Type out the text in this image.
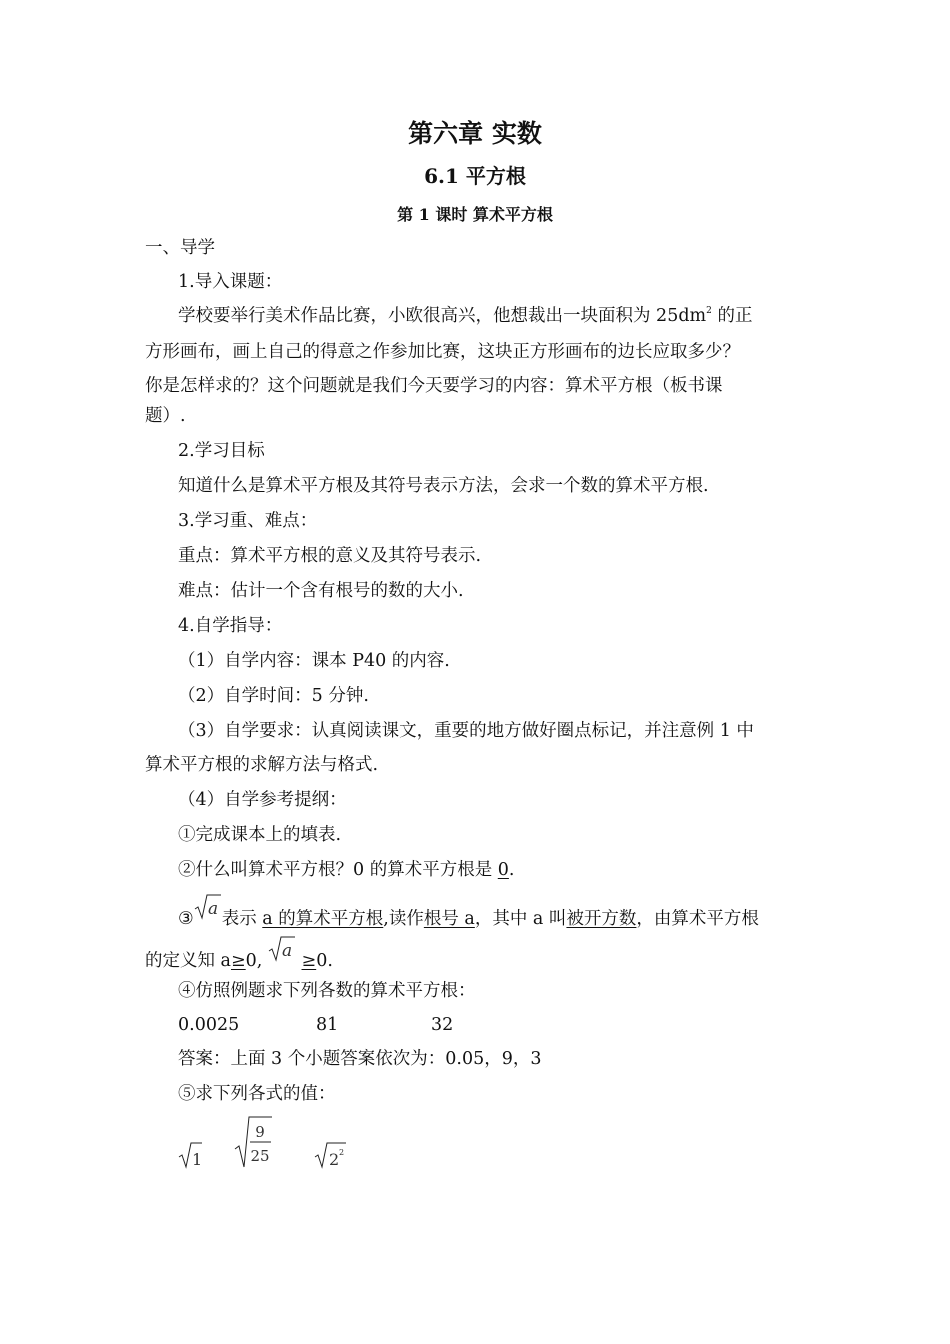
第六章 实数
6.1 平方根
第 1 课时 算术平方根

一、导学

1.导入课题：

学校要举行美术作品比赛，小欧很高兴，他想裁出一块面积为 $25dm^2$ 的正

方形画布，画上自己的得意之作参加比赛，这块正方形画布的边长应取多少？

你是怎样求的？这个问题就是我们今天要学习的内容：算术平方根（板书课

题）.

2.学习目标

知道什么是算术平方根及其符号表示方法，会求一个数的算术平方根.

3.学习重、难点：

重点：算术平方根的意义及其符号表示.

难点：估计一个含有根号的数的大小.

4.自学指导：

（1）自学内容：课本 P40 的内容.

（2）自学时间：5 分钟.

（3）自学要求：认真阅读课文，重要的地方做好圈点标记，并注意例 1 中

算术平方根的求解方法与格式.

（4）自学参考提纲：

①完成课本上的填表.

②什么叫算术平方根？0 的算术平方根是 0.

③ a 表示 a 的算术平方根,读作根号 a，其中 a 叫被开方数，由算术平方根

的定义知 a≥0, a ≥0.

④仿照例题求下列各数的算术平方根：

0.0025	81	32

答案：上面 3 个小题答案依次为：0.05，9，3

⑤求下列各式的值：

1
9
25	2 2
